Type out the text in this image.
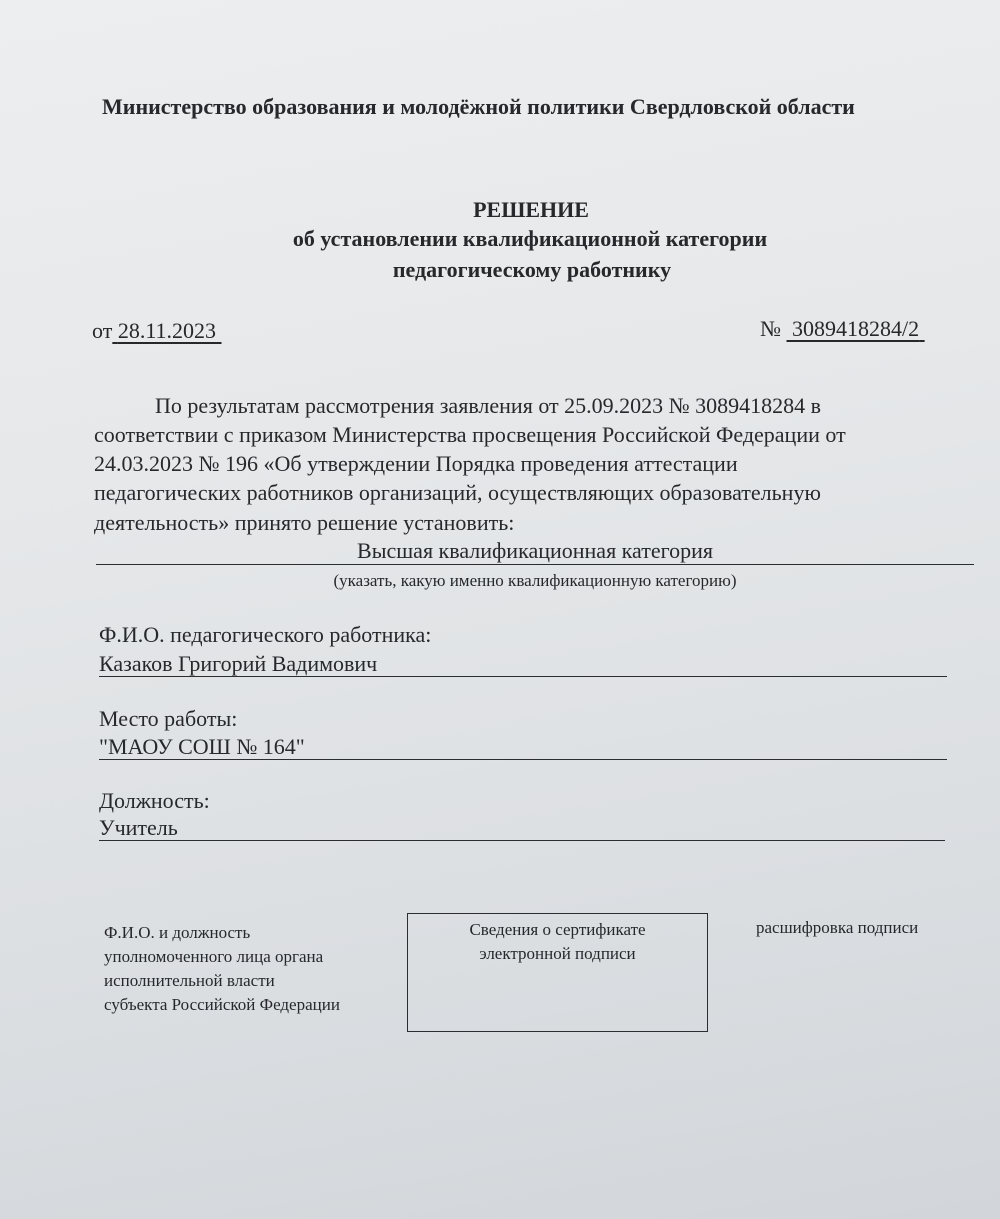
Министерство образования и молодёжной политики Свердловской области
РЕШЕНИЕ
об установлении квалификационной категории
педагогическому работнику
от 28.11.2023	№ 3089418284/2
По результатам рассмотрения заявления от 25.09.2023 № 3089418284 в
соответствии с приказом Министерства просвещения Российской Федерации от
24.03.2023 № 196 «Об утверждении Порядка проведения аттестации
педагогических работников организаций, осуществляющих образовательную
деятельность» принято решение установить:
Высшая квалификационная категория
(указать, какую именно квалификационную категорию)
Ф.И.О. педагогического работника:
Казаков Григорий Вадимович
Место работы:
"МАОУ СОШ № 164"
Должность:
Учитель
Ф.И.О. и должность
уполномоченного лица органа
исполнительной власти
субъекта Российской Федерации
Сведения о сертификате
электронной подписи
расшифровка подписи
